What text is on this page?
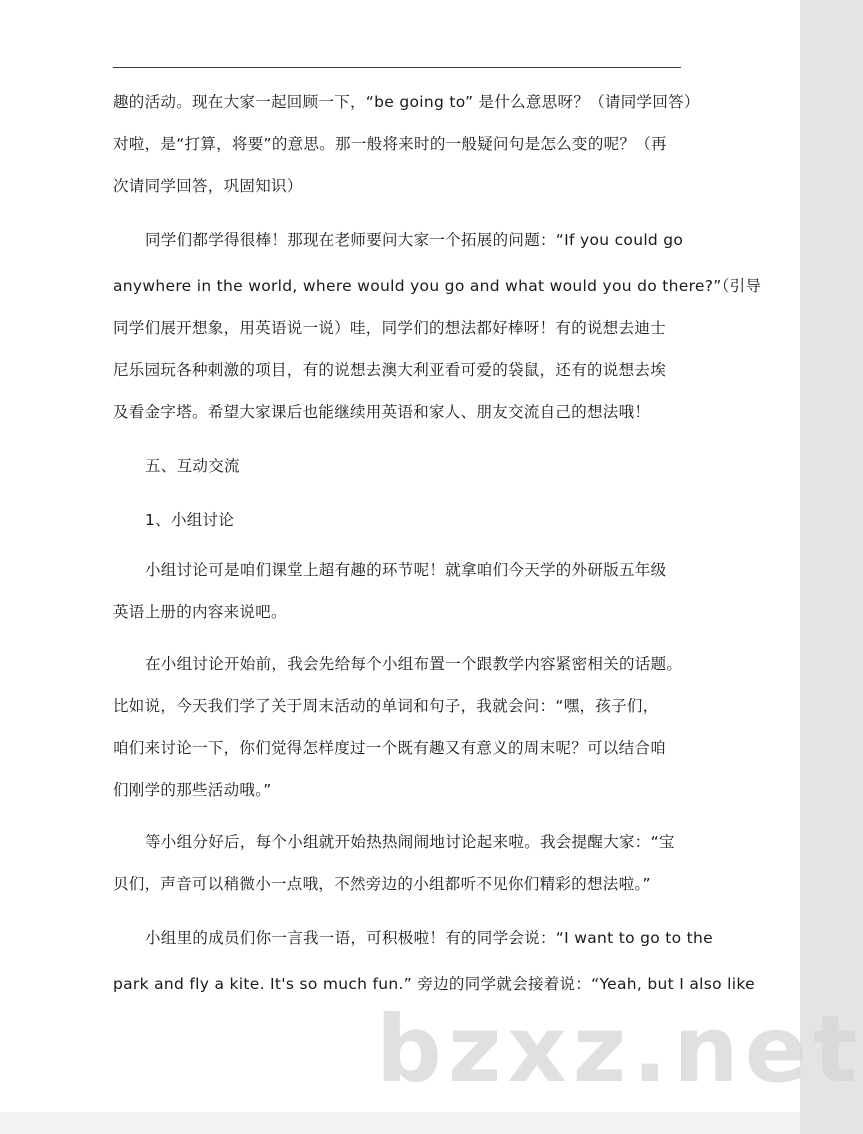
趣的活动。现在大家一起回顾一下，“be going to” 是什么意思呀？（请同学回答）
对啦，是“打算，将要”的意思。那一般将来时的一般疑问句是怎么变的呢？（再
次请同学回答，巩固知识）
同学们都学得很棒！那现在老师要问大家一个拓展的问题：“If you could go
anywhere in the world, where would you go and what would you do there?”（引导
同学们展开想象，用英语说一说）哇，同学们的想法都好棒呀！有的说想去迪士
尼乐园玩各种刺激的项目，有的说想去澳大利亚看可爱的袋鼠，还有的说想去埃
及看金字塔。希望大家课后也能继续用英语和家人、朋友交流自己的想法哦！
五、互动交流
1、小组讨论
小组讨论可是咱们课堂上超有趣的环节呢！就拿咱们今天学的外研版五年级
英语上册的内容来说吧。
在小组讨论开始前，我会先给每个小组布置一个跟教学内容紧密相关的话题。
比如说，今天我们学了关于周末活动的单词和句子，我就会问：“嘿，孩子们，
咱们来讨论一下，你们觉得怎样度过一个既有趣又有意义的周末呢？可以结合咱
们刚学的那些活动哦。”
等小组分好后，每个小组就开始热热闹闹地讨论起来啦。我会提醒大家：“宝
贝们，声音可以稍微小一点哦，不然旁边的小组都听不见你们精彩的想法啦。”
小组里的成员们你一言我一语，可积极啦！有的同学会说：“I want to go to the
park and fly a kite. It's so much fun.” 旁边的同学就会接着说：“Yeah, but I also like
bzxz.net
